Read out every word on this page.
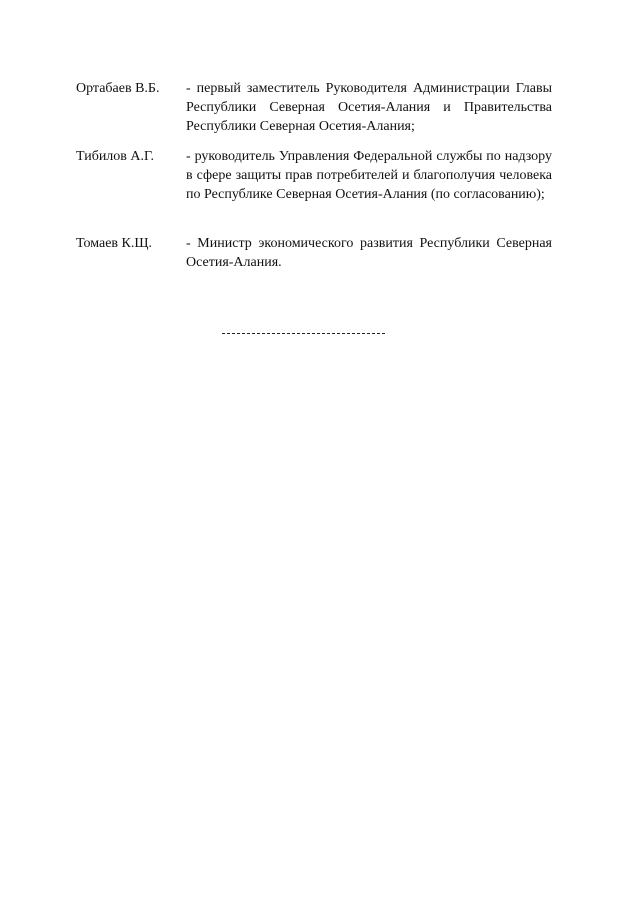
Ортабаев В.Б.	- первый заместитель Руководителя Администрации Главы Республики Северная Осетия-Алания и Правительства Республики Северная Осетия-Алания;
Тибилов А.Г.	- руководитель Управления Федеральной службы по надзору в сфере защиты прав потребителей и благополучия человека по Республике Северная Осетия-Алания (по согласованию);
Томаев К.Щ.	- Министр экономического развития Республики Северная Осетия-Алания.
